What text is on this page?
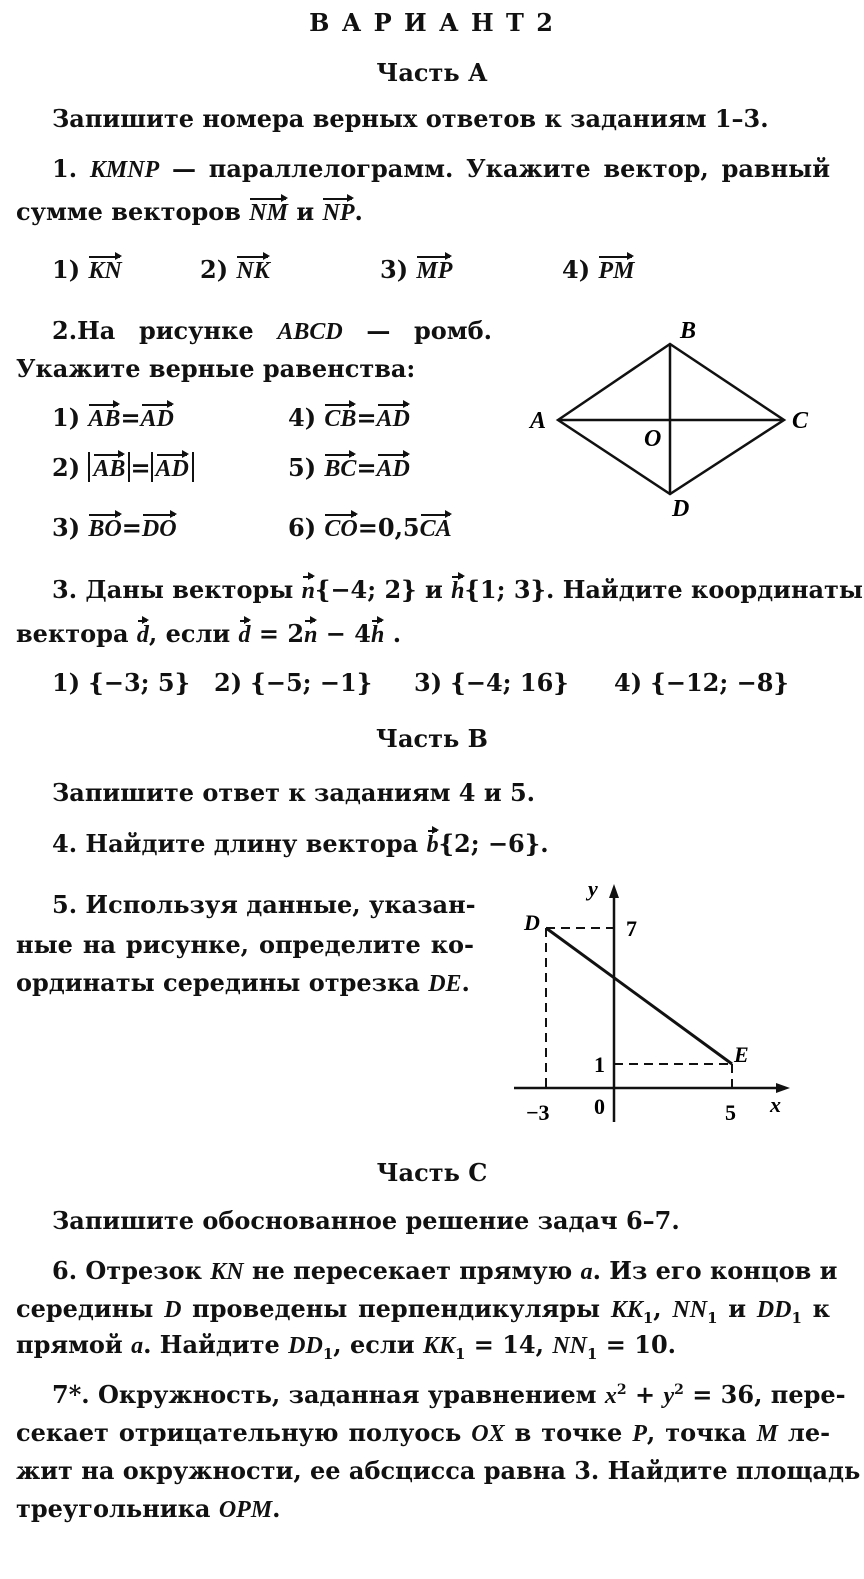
В А Р И А Н Т 2
Часть А
Запишите номера верных ответов к заданиям 1–3.
1. KMNP — параллелограмм. Укажите вектор, равный
сумме векторов NM и NP.
1) KN	2) NK	3) MP	4) PM
2.На рисунке ABCD — ромб.
Укажите верные равенства:
1) AB=AD
2) AB = AD
3) BO=DO
4) CB=AD
5) BC=AD
6) CO=0,5CA
A
B
C
D
O
3. Даны векторы n{−4; 2} и h{1; 3}. Найдите координаты
вектора d, если d = 2n − 4h .
1) {−3; 5} 2) {−5; −1} 3) {−4; 16} 4) {−12; −8}
Часть В
Запишите ответ к заданиям 4 и 5.
4. Найдите длину вектора b{2; −6}.
5. Используя данные, указан-
ные на рисунке, определите ко-
ординаты середины отрезка DE.
y
x
D
E
7
1
−3 0	5
Часть С
Запишите обоснованное решение задач 6–7.
6. Отрезок KN не пересекает прямую a. Из его концов и
середины D проведены перпендикуляры $KK_1$, $NN_1$ и $DD_1$ к
прямой a. Найдите $DD_1$, если $KK_1 = 14$, $NN_1 = 10$.
7*. Окружность, заданная уравнением $x^2 + y^2 = 36$, пере-
секает отрицательную полуось OX в точке P, точка M ле-
жит на окружности, ее абсцисса равна 3. Найдите площадь
треугольника OPM.
